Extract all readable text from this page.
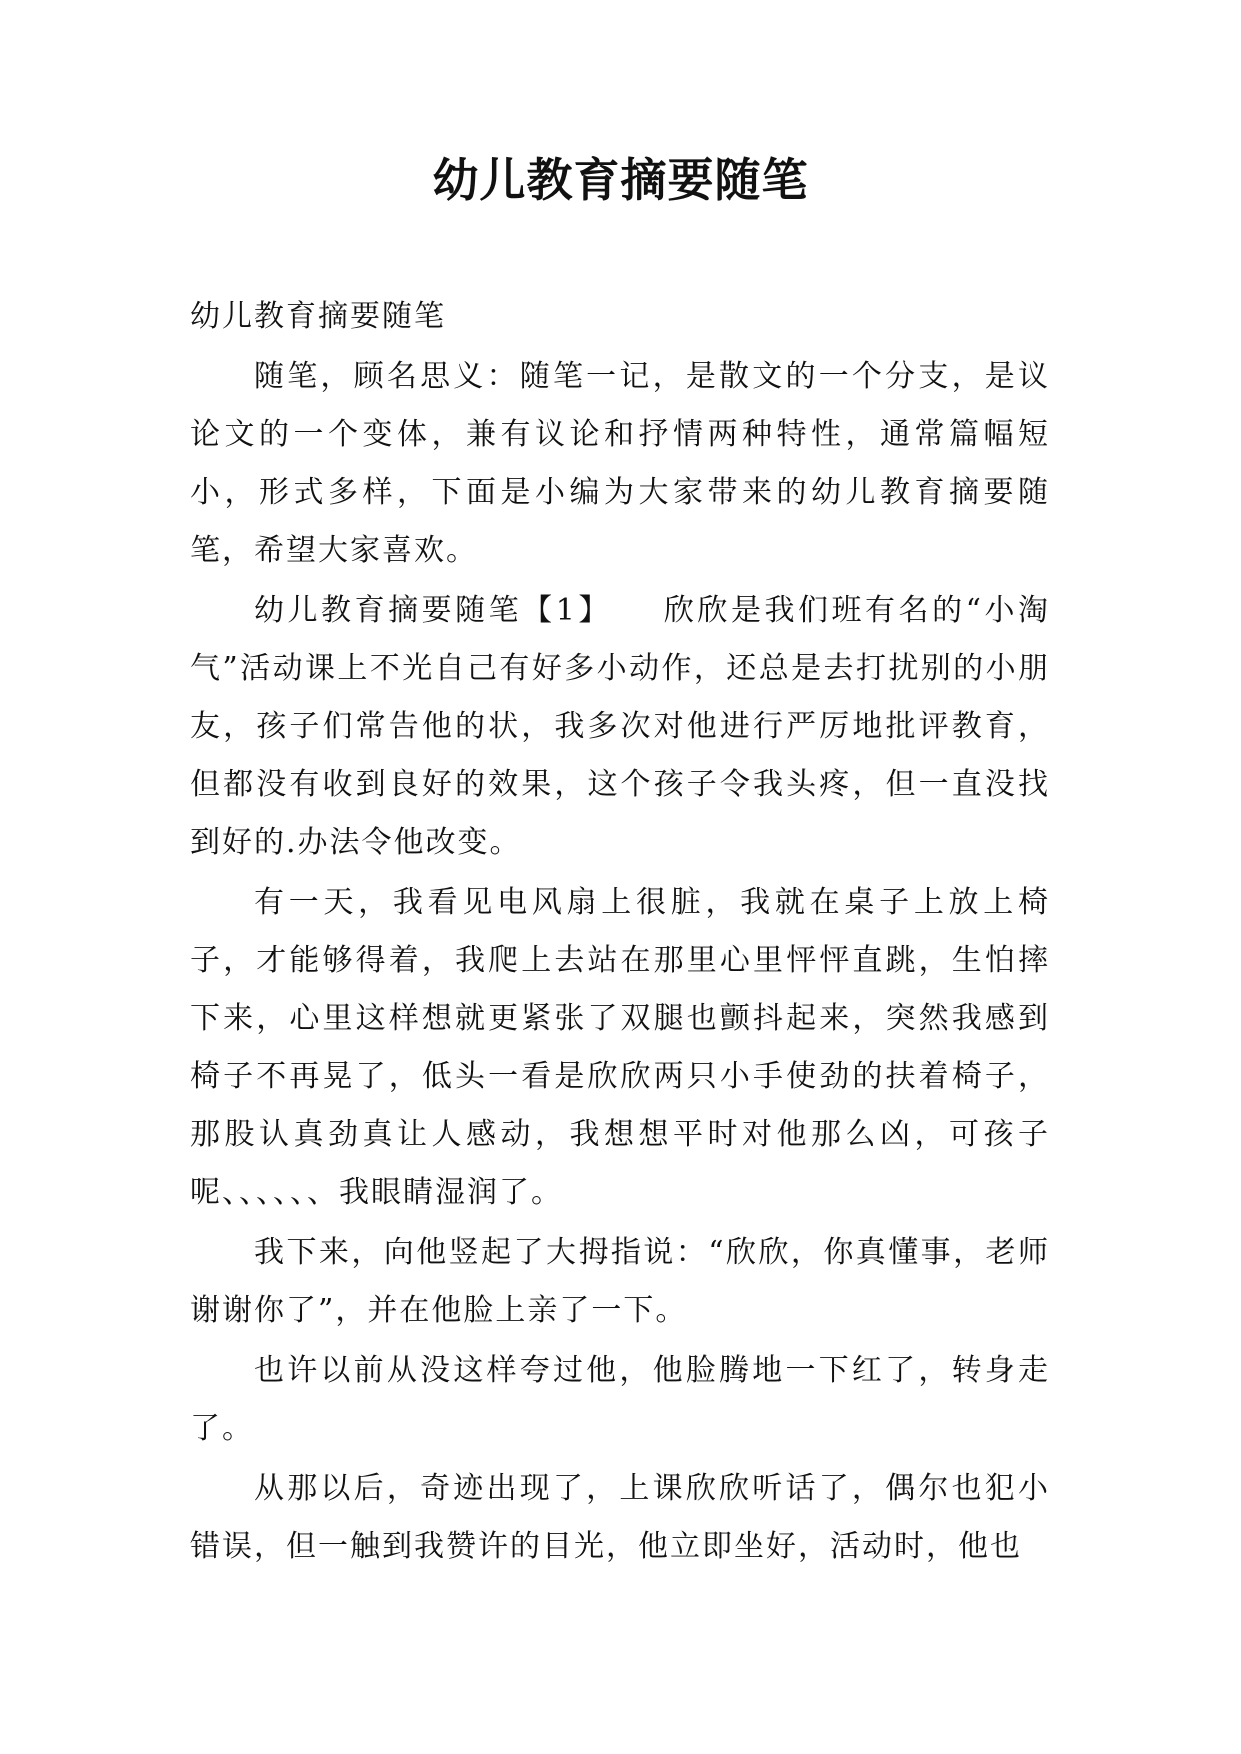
幼儿教育摘要随笔

幼儿教育摘要随笔

随笔，顾名思义：随笔一记，是散文的一个分支，是议论文的一个变体，兼有议论和抒情两种特性，通常篇幅短小，形式多样，下面是小编为大家带来的幼儿教育摘要随笔，希望大家喜欢。

幼儿教育摘要随笔【1】　　欣欣是我们班有名的“小淘气”活动课上不光自己有好多小动作，还总是去打扰别的小朋友，孩子们常告他的状，我多次对他进行严厉地批评教育，但都没有收到良好的效果，这个孩子令我头疼，但一直没找到好的.办法令他改变。

有一天，我看见电风扇上很脏，我就在桌子上放上椅子，才能够得着，我爬上去站在那里心里怦怦直跳，生怕摔下来，心里这样想就更紧张了双腿也颤抖起来，突然我感到椅子不再晃了，低头一看是欣欣两只小手使劲的扶着椅子，那股认真劲真让人感动，我想想平时对他那么凶，可孩子呢、、、、、、我眼睛湿润了。

我下来，向他竖起了大拇指说：“欣欣，你真懂事，老师谢谢你了”，并在他脸上亲了一下。

也许以前从没这样夸过他，他脸腾地一下红了，转身走了。

从那以后，奇迹出现了，上课欣欣听话了，偶尔也犯小错误，但一触到我赞许的目光，他立即坐好，活动时，他也
